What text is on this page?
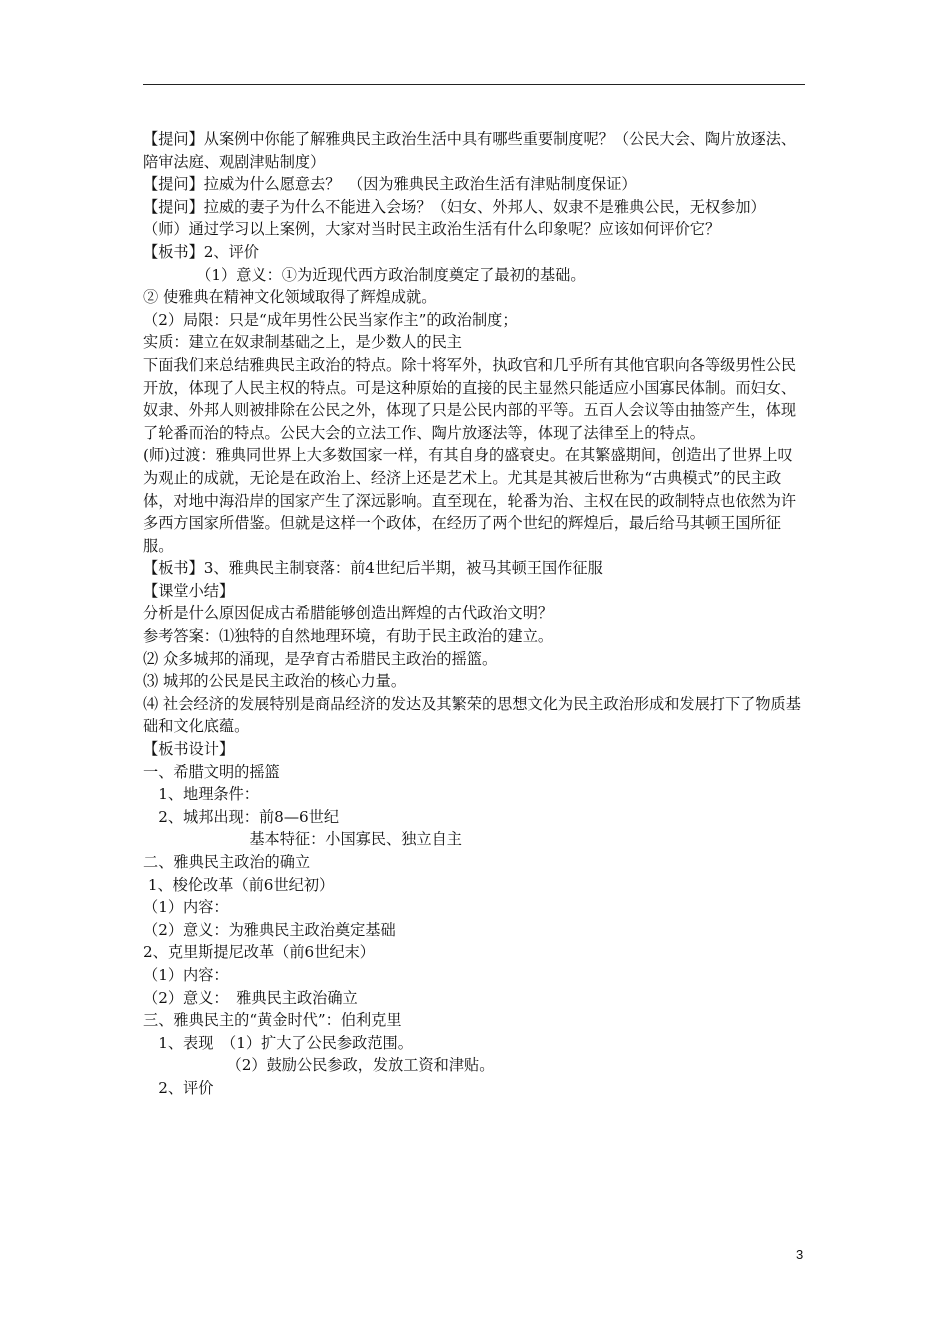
【提问】从案例中你能了解雅典民主政治生活中具有哪些重要制度呢？（公民大会、陶片放逐法、陪审法庭、观剧津贴制度）

【提问】拉威为什么愿意去？　（因为雅典民主政治生活有津贴制度保证）

【提问】拉威的妻子为什么不能进入会场？（妇女、外邦人、奴隶不是雅典公民，无权参加）

（师）通过学习以上案例，大家对当时民主政治生活有什么印象呢？应该如何评价它？

【板书】2、评价

　　　　（1）意义：①为近现代西方政治制度奠定了最初的基础。

② 使雅典在精神文化领域取得了辉煌成就。

（2）局限：只是“成年男性公民当家作主”的政治制度；

实质：建立在奴隶制基础之上，是少数人的民主

下面我们来总结雅典民主政治的特点。除十将军外，执政官和几乎所有其他官职向各等级男性公民开放，体现了人民主权的特点。可是这种原始的直接的民主显然只能适应小国寡民体制。而妇女、奴隶、外邦人则被排除在公民之外，体现了只是公民内部的平等。五百人会议等由抽签产生，体现了轮番而治的特点。公民大会的立法工作、陶片放逐法等，体现了法律至上的特点。

(师)过渡：雅典同世界上大多数国家一样，有其自身的盛衰史。在其繁盛期间，创造出了世界上叹为观止的成就，无论是在政治上、经济上还是艺术上。尤其是其被后世称为“古典模式”的民主政体，对地中海沿岸的国家产生了深远影响。直至现在，轮番为治、主权在民的政制特点也依然为许多西方国家所借鉴。但就是这样一个政体，在经历了两个世纪的辉煌后，最后给马其顿王国所征服。

【板书】3、雅典民主制衰落：前4世纪后半期，被马其顿王国作征服

【课堂小结】

分析是什么原因促成古希腊能够创造出辉煌的古代政治文明？

参考答案：⑴独特的自然地理环境，有助于民主政治的建立。

⑵ 众多城邦的涌现，是孕育古希腊民主政治的摇篮。

⑶ 城邦的公民是民主政治的核心力量。

⑷ 社会经济的发展特别是商品经济的发达及其繁荣的思想文化为民主政治形成和发展打下了物质基础和文化底蕴。

【板书设计】

一、希腊文明的摇篮

　1、地理条件：

　2、城邦出现：前8—6世纪

　　　　　　　基本特征：小国寡民、独立自主

二、雅典民主政治的确立

1、梭伦改革（前6世纪初）

（1）内容：

（2）意义：为雅典民主政治奠定基础

2、克里斯提尼改革（前6世纪末）

（1）内容：

（2）意义：　雅典民主政治确立

三、雅典民主的“黄金时代”：伯利克里

　1、表现　（1）扩大了公民参政范围。

　　　　　　（2）鼓励公民参政，发放工资和津贴。

　2、评价

3
